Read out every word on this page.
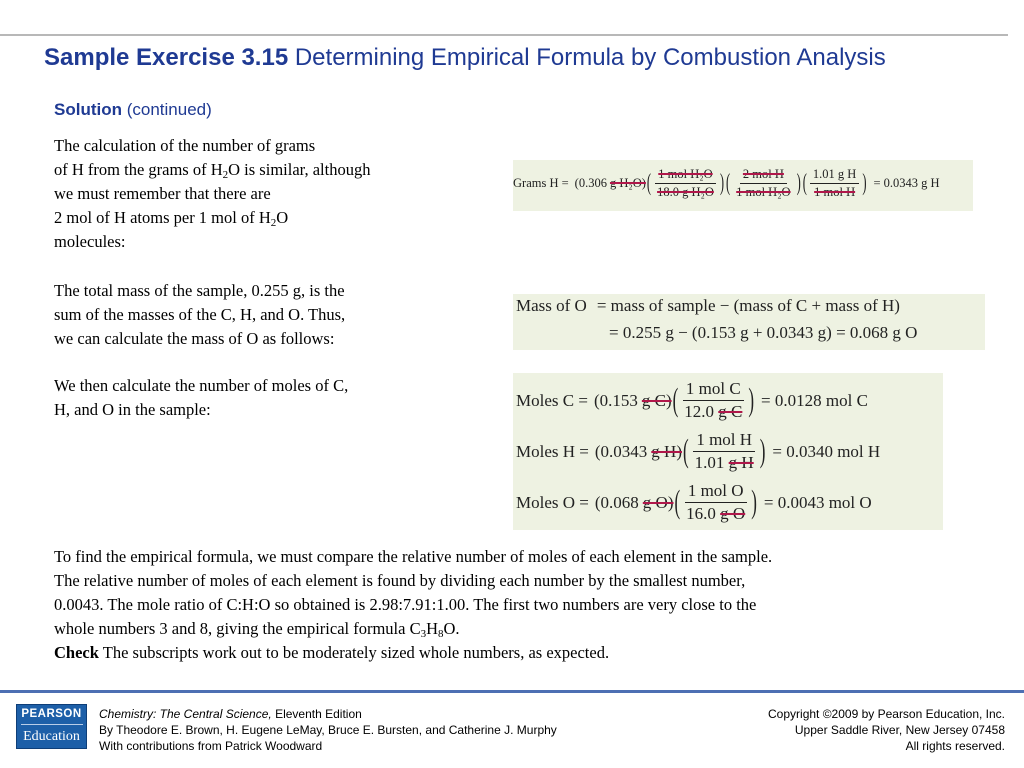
Sample Exercise 3.15 Determining Empirical Formula by Combustion Analysis
Solution (continued)
The calculation of the number of grams
of H from the grams of $H_2O$ is similar, although
we must remember that there are
2 mol of H atoms per 1 mol of $H_2O$
molecules:
The total mass of the sample, 0.255 g, is the
sum of the masses of the C, H, and O. Thus,
we can calculate the mass of O as follows:
We then calculate the number of moles of C,
H, and O in the sample:
Grams H = (0.306 g H₂O) ( $\frac{\text{1 mol H₂O}}{\text{18.0 g H₂O}}$ ) ( $\frac{\text{2 mol H}}{\text{1 mol H₂O}}$ ) ( $\frac{\text{1.01 g H}}{\text{1 mol H}}$ ) = 0.0343 g H
Mass of O = mass of sample − (mass of C + mass of H)
= 0.255 g − (0.153 g + 0.0343 g) = 0.068 g O
Moles C = (0.153 g C) ( $\frac{\text{1 mol C}}{\text{12.0 g C}}$ ) = 0.0128 mol C
Moles H = (0.0343 g H) ( $\frac{\text{1 mol H}}{\text{1.01 g H}}$ ) = 0.0340 mol H
Moles O = (0.068 g O) ( $\frac{\text{1 mol O}}{\text{16.0 g O}}$ ) = 0.0043 mol O
To find the empirical formula, we must compare the relative number of moles of each element in the sample.
The relative number of moles of each element is found by dividing each number by the smallest number,
0.0043. The mole ratio of C:H:O so obtained is 2.98:7.91:1.00. The first two numbers are very close to the
whole numbers 3 and 8, giving the empirical formula $C_3H_8O$.
Check The subscripts work out to be moderately sized whole numbers, as expected.
PEARSON
Education
Chemistry: The Central Science, Eleventh Edition
By Theodore E. Brown, H. Eugene LeMay, Bruce E. Bursten, and Catherine J. Murphy
With contributions from Patrick Woodward
Copyright ©2009 by Pearson Education, Inc.
Upper Saddle River, New Jersey 07458
All rights reserved.
